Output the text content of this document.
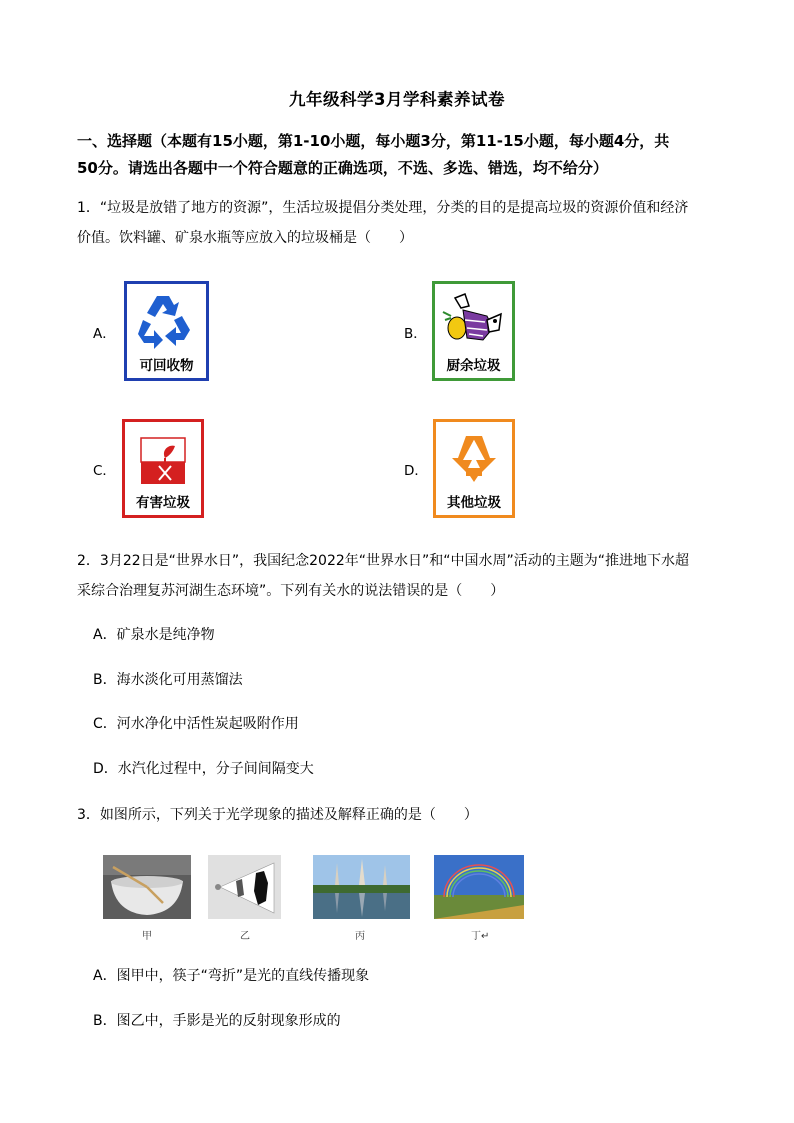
九年级科学3月学科素养试卷
一、选择题（本题有15小题，第1-10小题，每小题3分，第11-15小题，每小题4分，共
50分。请选出各题中一个符合题意的正确选项，不选、多选、错选，均不给分）
1．“垃圾是放错了地方的资源”，生活垃圾提倡分类处理，分类的目的是提高垃圾的资源价值和经济
价值。饮料罐、矿泉水瓶等应放入的垃圾桶是（　　）
A．
可回收物
B．
厨余垃圾
C．
有害垃圾
D．
其他垃圾
2．3月22日是“世界水日”，我国纪念2022年“世界水日”和“中国水周”活动的主题为“推进地下水超
采综合治理复苏河湖生态环境”。下列有关水的说法错误的是（　　）
A．矿泉水是纯净物
B．海水淡化可用蒸馏法
C．河水净化中活性炭起吸附作用
D．水汽化过程中，分子间间隔变大
3．如图所示，下列关于光学现象的描述及解释正确的是（　　）
甲	乙	丙	丁↵
A．图甲中，筷子“弯折”是光的直线传播现象
B．图乙中，手影是光的反射现象形成的
